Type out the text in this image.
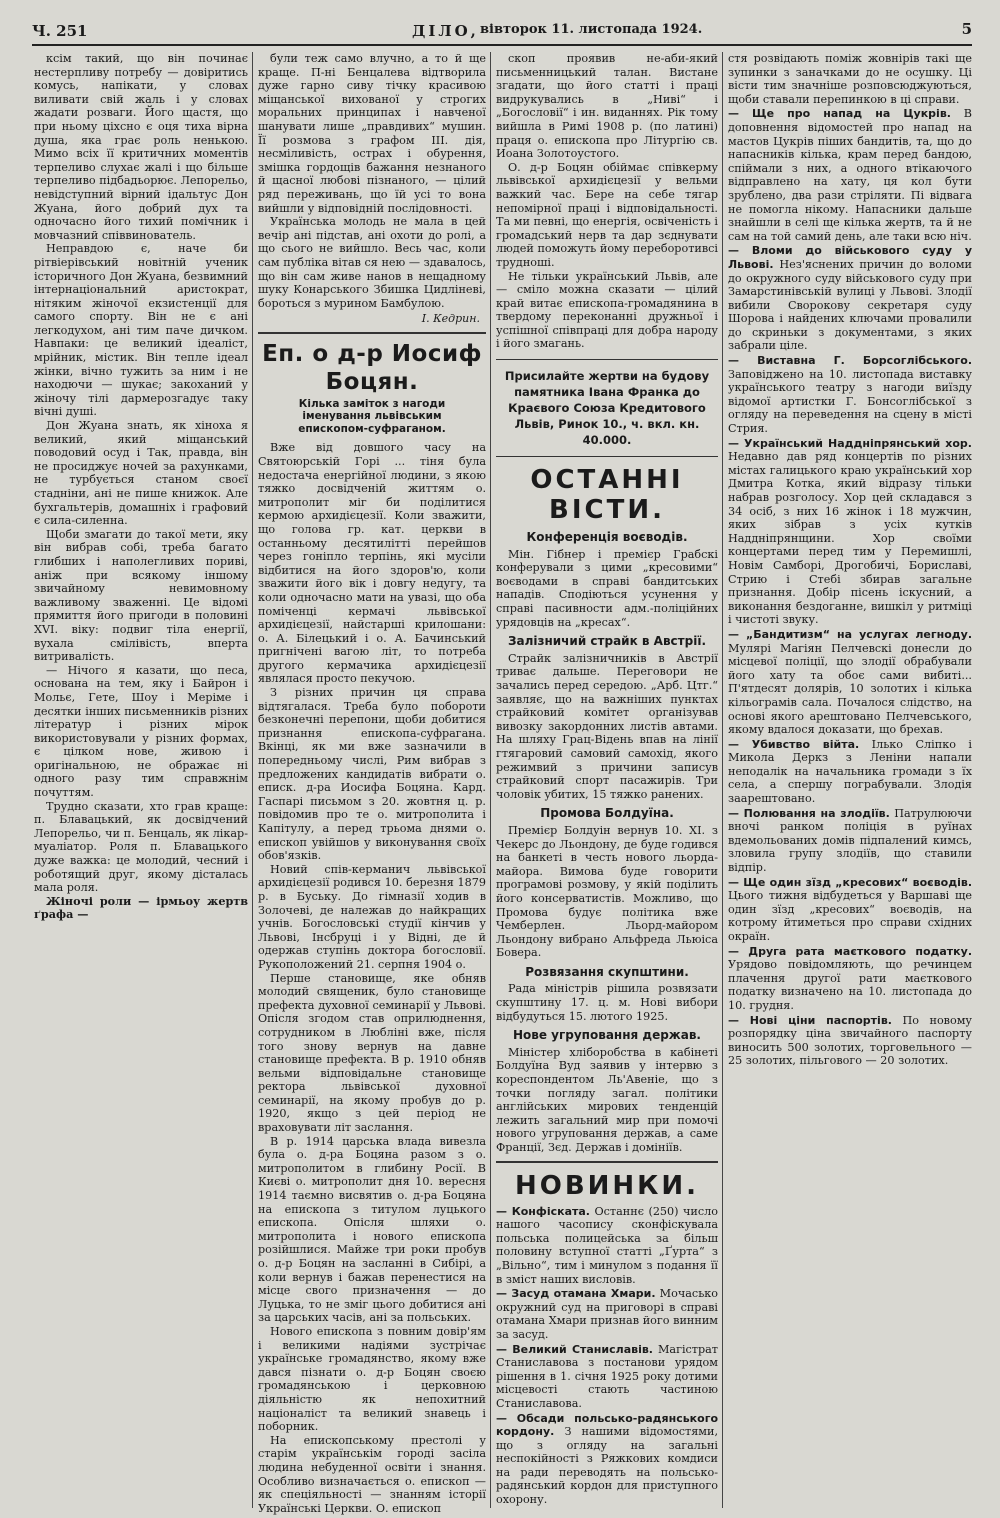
Ч. 251	ДІЛО, вівторок 11. листопада 1924.	5

ксім такий, що він починає нестерпливу потребу — довіритись комусь, напікати, у словах виливати свій жаль і у словах жадати розваги. Його щастя, що при ньому ціхсно є оця тиха вірна душа, яка грає роль ненькою. Мимо всіх її критичних моментів терпеливо слухає жалі і що більше терпеливо підбадьорює. Лепорельо, невідступний вірний ідальтус Дон Жуана, його добрий дух та одночасно його тихий помічник і мовчазний співвинователь.

Неправдою є, наче би рітвіерівський новітній ученик історичного Дон Жуана, безвимний інтернаціональний аристократ, нітяким жіночої екзистенції для самого спорту. Він не є ані легкодухом, ані тим паче дичком. Навпаки: це великий ідеаліст, мрійник, містик. Він тепле ідеал жінки, вічно тужить за ним і не находючи — шукає; закоханий у жіночу тілі дармерозгадує таку вічні душі.

Дон Жуана знать, як хіноха я великий, який міщанський поводовий осуд і Так, правда, він не просиджує ночей за рахунками, не турбується станом своєї стадніни, ані не пише книжок. Але бухгальтерів, домашніх і графовий є сила-силенна.

Щоби змагати до такої мети, яку він вибрав собі, треба багато глибших і наполегливих пориві, аніж при всякому іншому звичайному невимовному важливому зваженні. Це відомі прямиття його пригоди в половині XVI. віку: подвиг тіла енергії, вухала смілівість, вперта витривалість.

— Нічого я казати, що песа, основана на тем, яку і Байрон і Мольє, Гете, Шоу і Меріме і десятки інших письменників різних літератур і різних мірок використовували у різних формах, є цілком нове, живою і оригінальною, не ображає ні одного разу тим справжнім почуттям.

Трудно сказати, хто грав краще: п. Блавацький, як досвідчений Лепорельо, чи п. Бенцаль, як лікар-муаліатор. Роля п. Блавацького дуже важка: це молодий, чесний і роботящий друг, якому дісталась мала роля.

Жіночі роли — ірмьоу жертв ґрафа —

були теж само влучно, а то й ще краще. П-ні Бенцалева відтворила дуже гарно сиву тічку красивою міщанської вихованої у строгих моральних принципах і навченої шанувати лише „правдивих“ мушин. Її розмова з графом III. дія, несміливість, острах і обурення, змішка гордощів бажання незнаного й щасної любові пізнаного, — цілий ряд переживань, що їй усі то вона вийшли у відповідній послідовності.

Українська молодь не мала в цей вечір ані підстав, ані охоти до ролі, а що сього не вийшло. Весь час, коли сам публіка вітав ся нею — здавалось, що він сам живе нанов в нещадному шуку Конарського Збишка Цидліневі, бороться з мурином Бамбулою.

І. Кедрин.
Еп. о д-р Иосиф Боцян.
Кілька заміток з нагоди іменування львівським епископом-суфраганом.

Вже від довшого часу на Святоюрській Горі ... тіня була недостача енергійної людини, з якою тяжко досвідченій життям о. митрополит міг би поділитися кермою архидієцезії. Коли зважити, що голова гр. кат. церкви в останньому десятилітті перейшов через гоніпло терпінь, які мусіли відбитися на його здоров'ю, коли зважити його вік і довгу недугу, та коли одночасно мати на увазі, що оба поміченці кермачі львівської архидієцезії, найстарші крилошани: о. А. Білецький і о. А. Бачинський пригнічені вагою літ, то потреба другого кермачика архидієцезії являлася просто пекучою.

З різних причин ця справа відтягалася. Треба було побороти безконечні перепони, щоби добитися признання епископа-суфрагана. Вкінці, як ми вже зазначили в попередньому числі, Рим вибрав з предложених кандидатів вибрати о. еписк. д-ра Иосифа Боцяна. Кард. Гаспарі письмом з 20. жовтня ц. р. повідомив про те о. митрополита і Капітулу, а перед трьома днями о. епископ увійшов у виконування своїх обов'язків.

Новий спів-керманич львівської архидієцезії родився 10. березня 1879 р. в Буську. До гімназії ходив в Золочеві, де належав до найкращих учнів. Богословські студії кінчив у Львові, Інсбруці і у Відні, де й одержав ступінь доктора богословії. Рукоположений 21. серпня 1904 о.

Перше становище, яке обняв молодий священик, було становище префекта духовної семинарії у Львові. Опісля згодом став оприлюднення, сотрудником в Любліні вже, після того знову вернув на давне становище префекта. В р. 1910 обняв вельми відповідальне становище ректора львівської духовної семинарії, на якому пробув до р. 1920, якщо з цей період не враховувати літ заслання.

В р. 1914 царська влада вивезла була о. д-ра Боцяна разом з о. митрополитом в глибину Росії. В Києві о. митрополит дня 10. вересня 1914 таємно висвятив о. д-ра Боцяна на епископа з титулом луцького епископа. Опісля шляхи о. митрополита і нового епископа розійшлися. Майже три роки пробув о. д-р Боцян на засланні в Сибірі, а коли вернув і бажав перенестися на місце свого призначення — до Луцька, то не зміг цього добитися ані за царських часів, ані за польських.

Нового епископа з повним довір'ям і великими надіями зустрічає українське громадянство, якому вже дався пізнати о. д-р Боцян своєю громадянською і церковною діяльністю як непохитний націоналіст та великий знавець і поборник.

На епископському престолі у старім українськім городі засіла людина небуденної освіти і знання. Особливо визначається о. епископ — як спеціяльності — знанням історії Українські Церкви. О. епископ

скоп проявив не-аби-який письменницький талан. Вистане згадати, що його статті і праці видрукувались в „Ниві“ і „Богословії“ і ин. виданнях. Рік тому вийшла в Римі 1908 р. (по латині) праця о. епископа про Літургію св. Иоана Золотоустого.

О. д-р Боцян обіймає співкерму львівської архидієцезії у вельми важкий час. Бере на себе тягар непомірної праці і відповідальності. Та ми певні, що енергія, освіченість і громадський нерв та дар зєднувати людей поможуть йому переборотивсі трудноші.

Не тільки український Львів, але — сміло можна сказати — цілий край витає епископа-громадянина в твердому переконанні дружньої і успішної співпраці для добра народу і його змагань.

Присилайте жертви на будову памятника Івана Франка до Краєвого Союза Кредитового Львів, Ринок 10., ч. вкл. кн. 40.000.
ОСТАННІ ВІСТИ.
Конференція воєводів.

Мін. Гібнер і премієр Грабскі конферували з цими „кресовими“ воєводами в справі бандитських нападів. Сподіються усунення у справі пасивности адм.-поліційних урядовців на „кресах“.

Залізничий страйк в Австрії.

Страйк залізничників в Австрії триває дальше. Переговори не зачались перед середою. „Арб. Цтг.“ заявляє, що на важніших пунктах страйковий комітет організував вивозку закордонних листів автами. На шляху Грац-Відень впав на лінії гтягаровий самовий самохід, якого режимвий з причини записув страйковий спорт пасажирів. Три чоловік убитих, 15 тяжко ранених.

Промова Болдуїна.

Премієр Болдуін вернув 10. XI. з Чекерс до Льондону, де буде годився на банкеті в честь нового льорда-майора. Вимова буде говорити програмові розмову, у якій поділить його консерватистів. Можливо, що Промова будує політика вже Чемберлен. Льорд-майором Льондону вибрано Альфреда Льюіса Бовера.

Розвязання скупштини.

Рада міністрів рішила розвязати скупштину 17. ц. м. Нові вибори відбудуться 15. лютого 1925.

Нове угруповання держав.

Міністер хліборобства в кабінеті Болдуїна Вуд заявив у інтервю з кореспондентом Ль'Авеніе, що з точки погляду загал. політики англійських мирових тенденцій лежить загальний мир при помочі нового угруповання держав, а саме Франції, Зєд. Держав і домініїв.

НОВИНКИ.

— Конфіската. Останнє (250) число нашого часопису сконфіскувала польська полицейська за більш половину вступної статті „Ґурта“ з „Вільно“, тим і минулом з подання її в зміст наших висловів.

— Засуд отамана Хмари. Мочасько окружний суд на приговорі в справі отамана Хмари признав його винним за засуд.

— Великий Станиславів. Магістрат Станиславова з постанови урядом рішення в 1. січня 1925 року дотими місцевості стають частиною Станиславова.

— Обсади польсько-радянського кордону. З нашими відомостями, що з огляду на загальні неспокійності з Ряжкових комдиси на ради переводять на польсько-радянський кордон для приступного охорону.

стя розвідають поміж жовнірів такі ще зупинки з заначками до не осушку. Ці вісти тим значніше розповсюджуються, щоби ставали перепинкою в ці справи.

— Ще про напад на Цукрів. В доповнення відомостей про напад на мастов Цукрів піших бандитів, та, що до напасників кілька, крам перед бандою, спіймали з них, а одного втікаючого відправлено на хату, ця кол бути зрублено, два рази стріляти. Пі відвага не помогла нікому. Напасники дальше знайшли в селі ще кілька жертв, та й не сам на той самий день, але таки всю ніч.

— Вломи до військового суду у Львові. Нез'яснених причин до воломи до окружного судy військового суду при Замарстинівській вулиці у Львові. Злодії вибили Сворокову секретаря суду Шорова і найдених ключами провалили до скриньки з документами, з яких забрали ціле.

— Виставна Г. Борсоглібського. Заповіджено на 10. листопада виставку українського театру з нагоди виїзду відомої артистки Г. Бонсоглібської з огляду на переведення на сцену в місті Стрия.

— Український Наддніпрянський хор. Недавно дав ряд концертів по різних містах галицького краю український хор Дмитра Котка, який відразу тільки набрав розголосу. Хор цей складався з 34 осіб, з них 16 жінок і 18 мужчин, яких зібрав з усіх кутків Наддніпрянщини. Хор своїми концертами перед тим у Перемишлі, Новім Самборі, Дрогобичі, Бориславі, Стрию і Стебі збирав загальне признання. Добір пісень іскусний, а виконання бездоганне, вишкіл у ритміці і чистоті звуку.

— „Бандитизм“ на услугах легноду. Мулярі Магіян Пелчевскі донесли до місцевої поліції, що злодії обрабували його хату та обоє сами вибиті... П'ятдесят долярів, 10 золотих і кілька кільограмів сала. Почалося слідство, на основі якого арештовано Пелчевського, якому вдалося доказати, що брехав.

— Убивство війта. Ілько Сліпко і Микола Деркз з Леніни напали неподалік на начальника громади з їх села, а спершу пограбували. Злодія заарештовано.

— Полювання на злодіїв. Патрулюючи вночі ранком поліція в руїнах вдемольованих домів підпалений кимсь, зловила групу злодіїв, що ставили відпір.

— Ще один зїзд „кресових“ воєводів. Цього тижня відбудеться у Варшаві ще один зїзд „кресових“ воєводів, на котрому йтиметься про справи східних окраїн.

— Друга рата маєткового податку. Урядово повідомляють, що речинцем плачення другої рати маєткового податку визначено на 10. листопада до 10. грудня.

— Нові ціни паспортів. По новому розпорядку ціна звичайного паспорту виносить 500 золотих, торговельного — 25 золотих, пільгового — 20 золотих.
